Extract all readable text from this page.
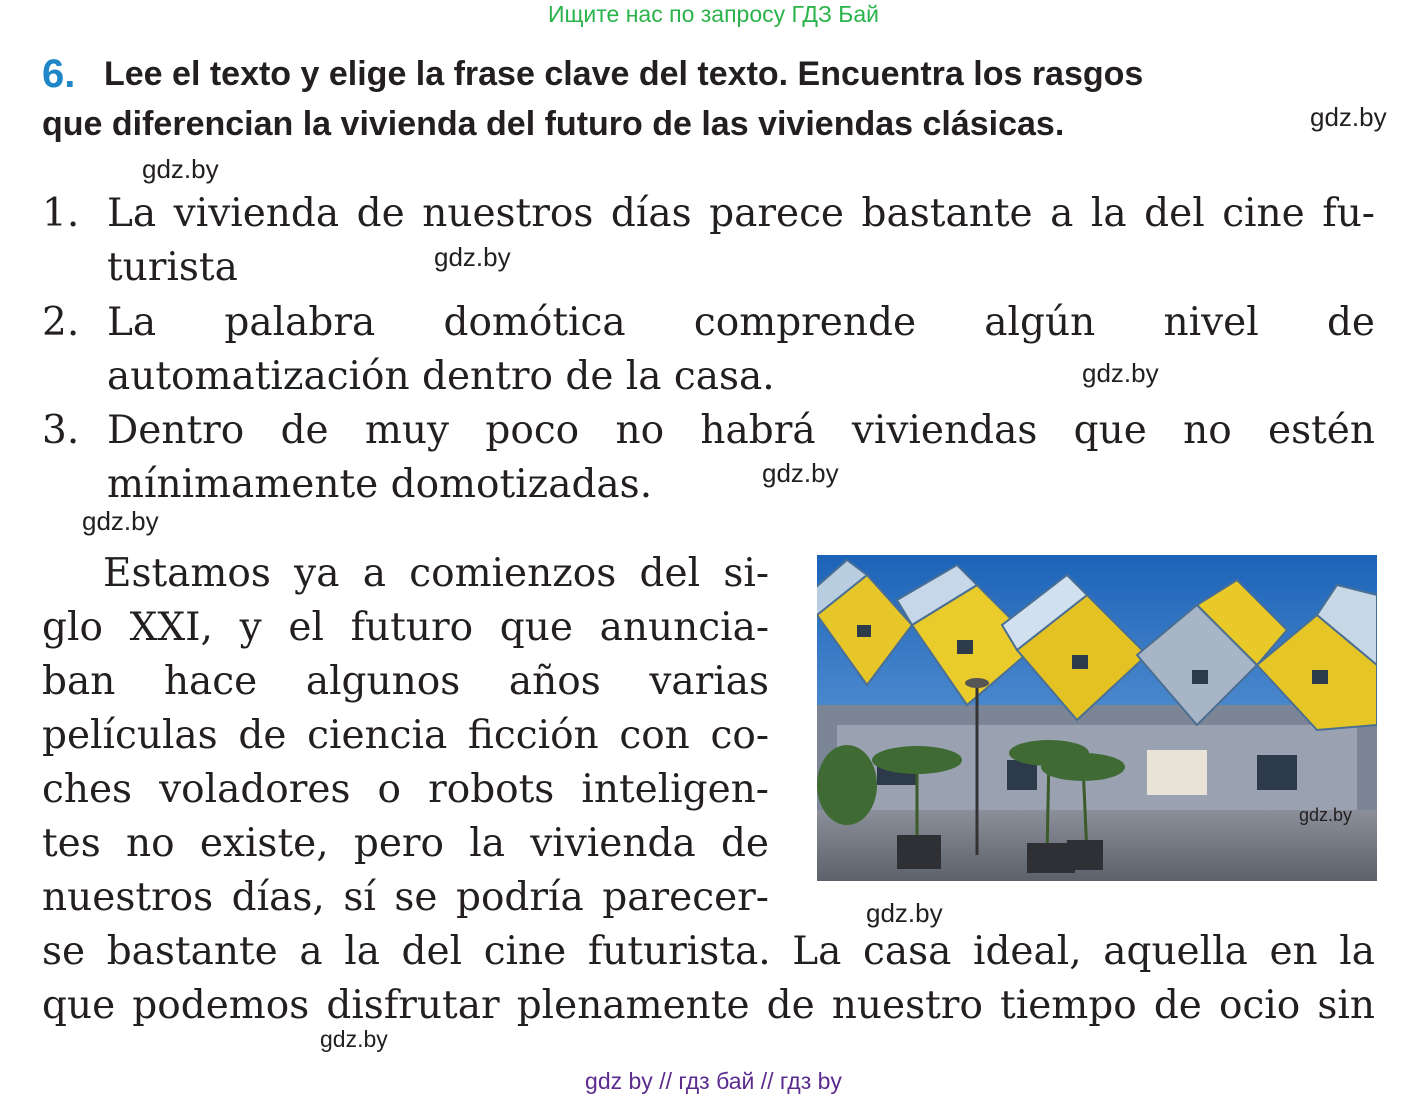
Ищите нас по запросу ГДЗ Бай
6. Lee el texto y elige la frase clave del texto. Encuentra los rasgos
que diferencian la vivienda del futuro de las viviendas clásicas.	gdz.by
gdz.by
gdz.by
gdz.by
gdz.by
gdz.by
gdz.by
gdz.by
1. La vivienda de nuestros días parece bastante a la del cine fu-
turista
2. La palabra domótica comprende algún nivel de
automatización dentro de la casa.
3. Dentro de muy poco no habrá viviendas que no estén
mínimamente domotizadas.
Estamos ya a comienzos del si-
glo XXI, y el futuro que anuncia-
ban hace algunos años varias
películas de ciencia ficción con co-
ches voladores o robots inteligen-
tes no existe, pero la vivienda de
nuestros días, sí se podría parecer-
se bastante a la del cine futurista. La casa ideal, aquella en la
que podemos disfrutar plenamente de nuestro tiempo de ocio sin
gdz.by
gdz by // гдз бай // гдз by
